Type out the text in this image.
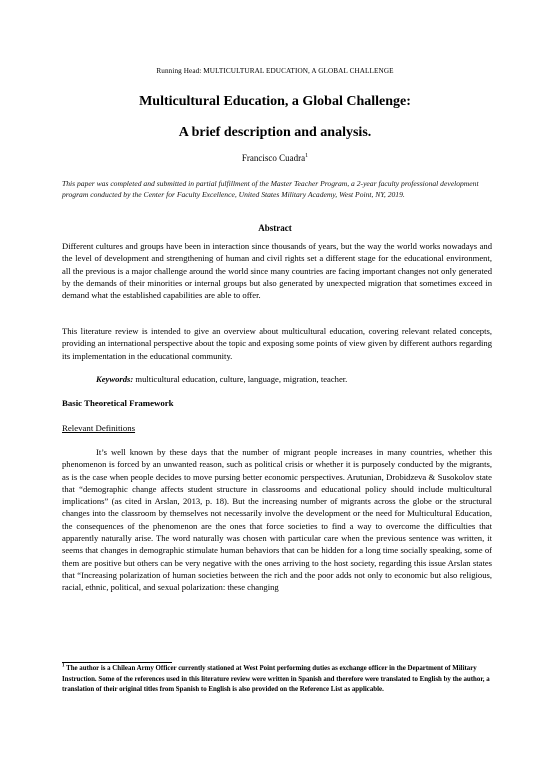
Running Head: MULTICULTURAL EDUCATION, A GLOBAL CHALLENGE
Multicultural Education, a Global Challenge:
A brief description and analysis.
Francisco Cuadra$^1$
This paper was completed and submitted in partial fulfillment of the Master Teacher Program, a 2-year faculty professional development program conducted by the Center for Faculty Excellence, United States Military Academy, West Point, NY, 2019.
Abstract
Different cultures and groups have been in interaction since thousands of years, but the way the world works nowadays and the level of development and strengthening of human and civil rights set a different stage for the educational environment, all the previous is a major challenge around the world since many countries are facing important changes not only generated by the demands of their minorities or internal groups but also generated by unexpected migration that sometimes exceed in demand what the established capabilities are able to offer.
This literature review is intended to give an overview about multicultural education, covering relevant related concepts, providing an international perspective about the topic and exposing some points of view given by different authors regarding its implementation in the educational community.
Keywords: multicultural education, culture, language, migration, teacher.
Basic Theoretical Framework
Relevant Definitions
It’s well known by these days that the number of migrant people increases in many countries, whether this phenomenon is forced by an unwanted reason, such as political crisis or whether it is purposely conducted by the migrants, as is the case when people decides to move pursing better economic perspectives. Arutunian, Drobidzeva & Susokolov state that “demographic change affects student structure in classrooms and educational policy should include multicultural implications” (as cited in Arslan, 2013, p. 18). But the increasing number of migrants across the globe or the structural changes into the classroom by themselves not necessarily involve the development or the need for Multicultural Education, the consequences of the phenomenon are the ones that force societies to find a way to overcome the difficulties that apparently naturally arise. The word naturally was chosen with particular care when the previous sentence was written, it seems that changes in demographic stimulate human behaviors that can be hidden for a long time socially speaking, some of them are positive but others can be very negative with the ones arriving to the host society, regarding this issue Arslan states that “Increasing polarization of human societies between the rich and the poor adds not only to economic but also religious, racial, ethnic, political, and sexual polarization: these changing
$^1$ The author is a Chilean Army Officer currently stationed at West Point performing duties as exchange officer in the Department of Military Instruction. Some of the references used in this literature review were written in Spanish and therefore were translated to English by the author, a translation of their original titles from Spanish to English is also provided on the Reference List as applicable.
